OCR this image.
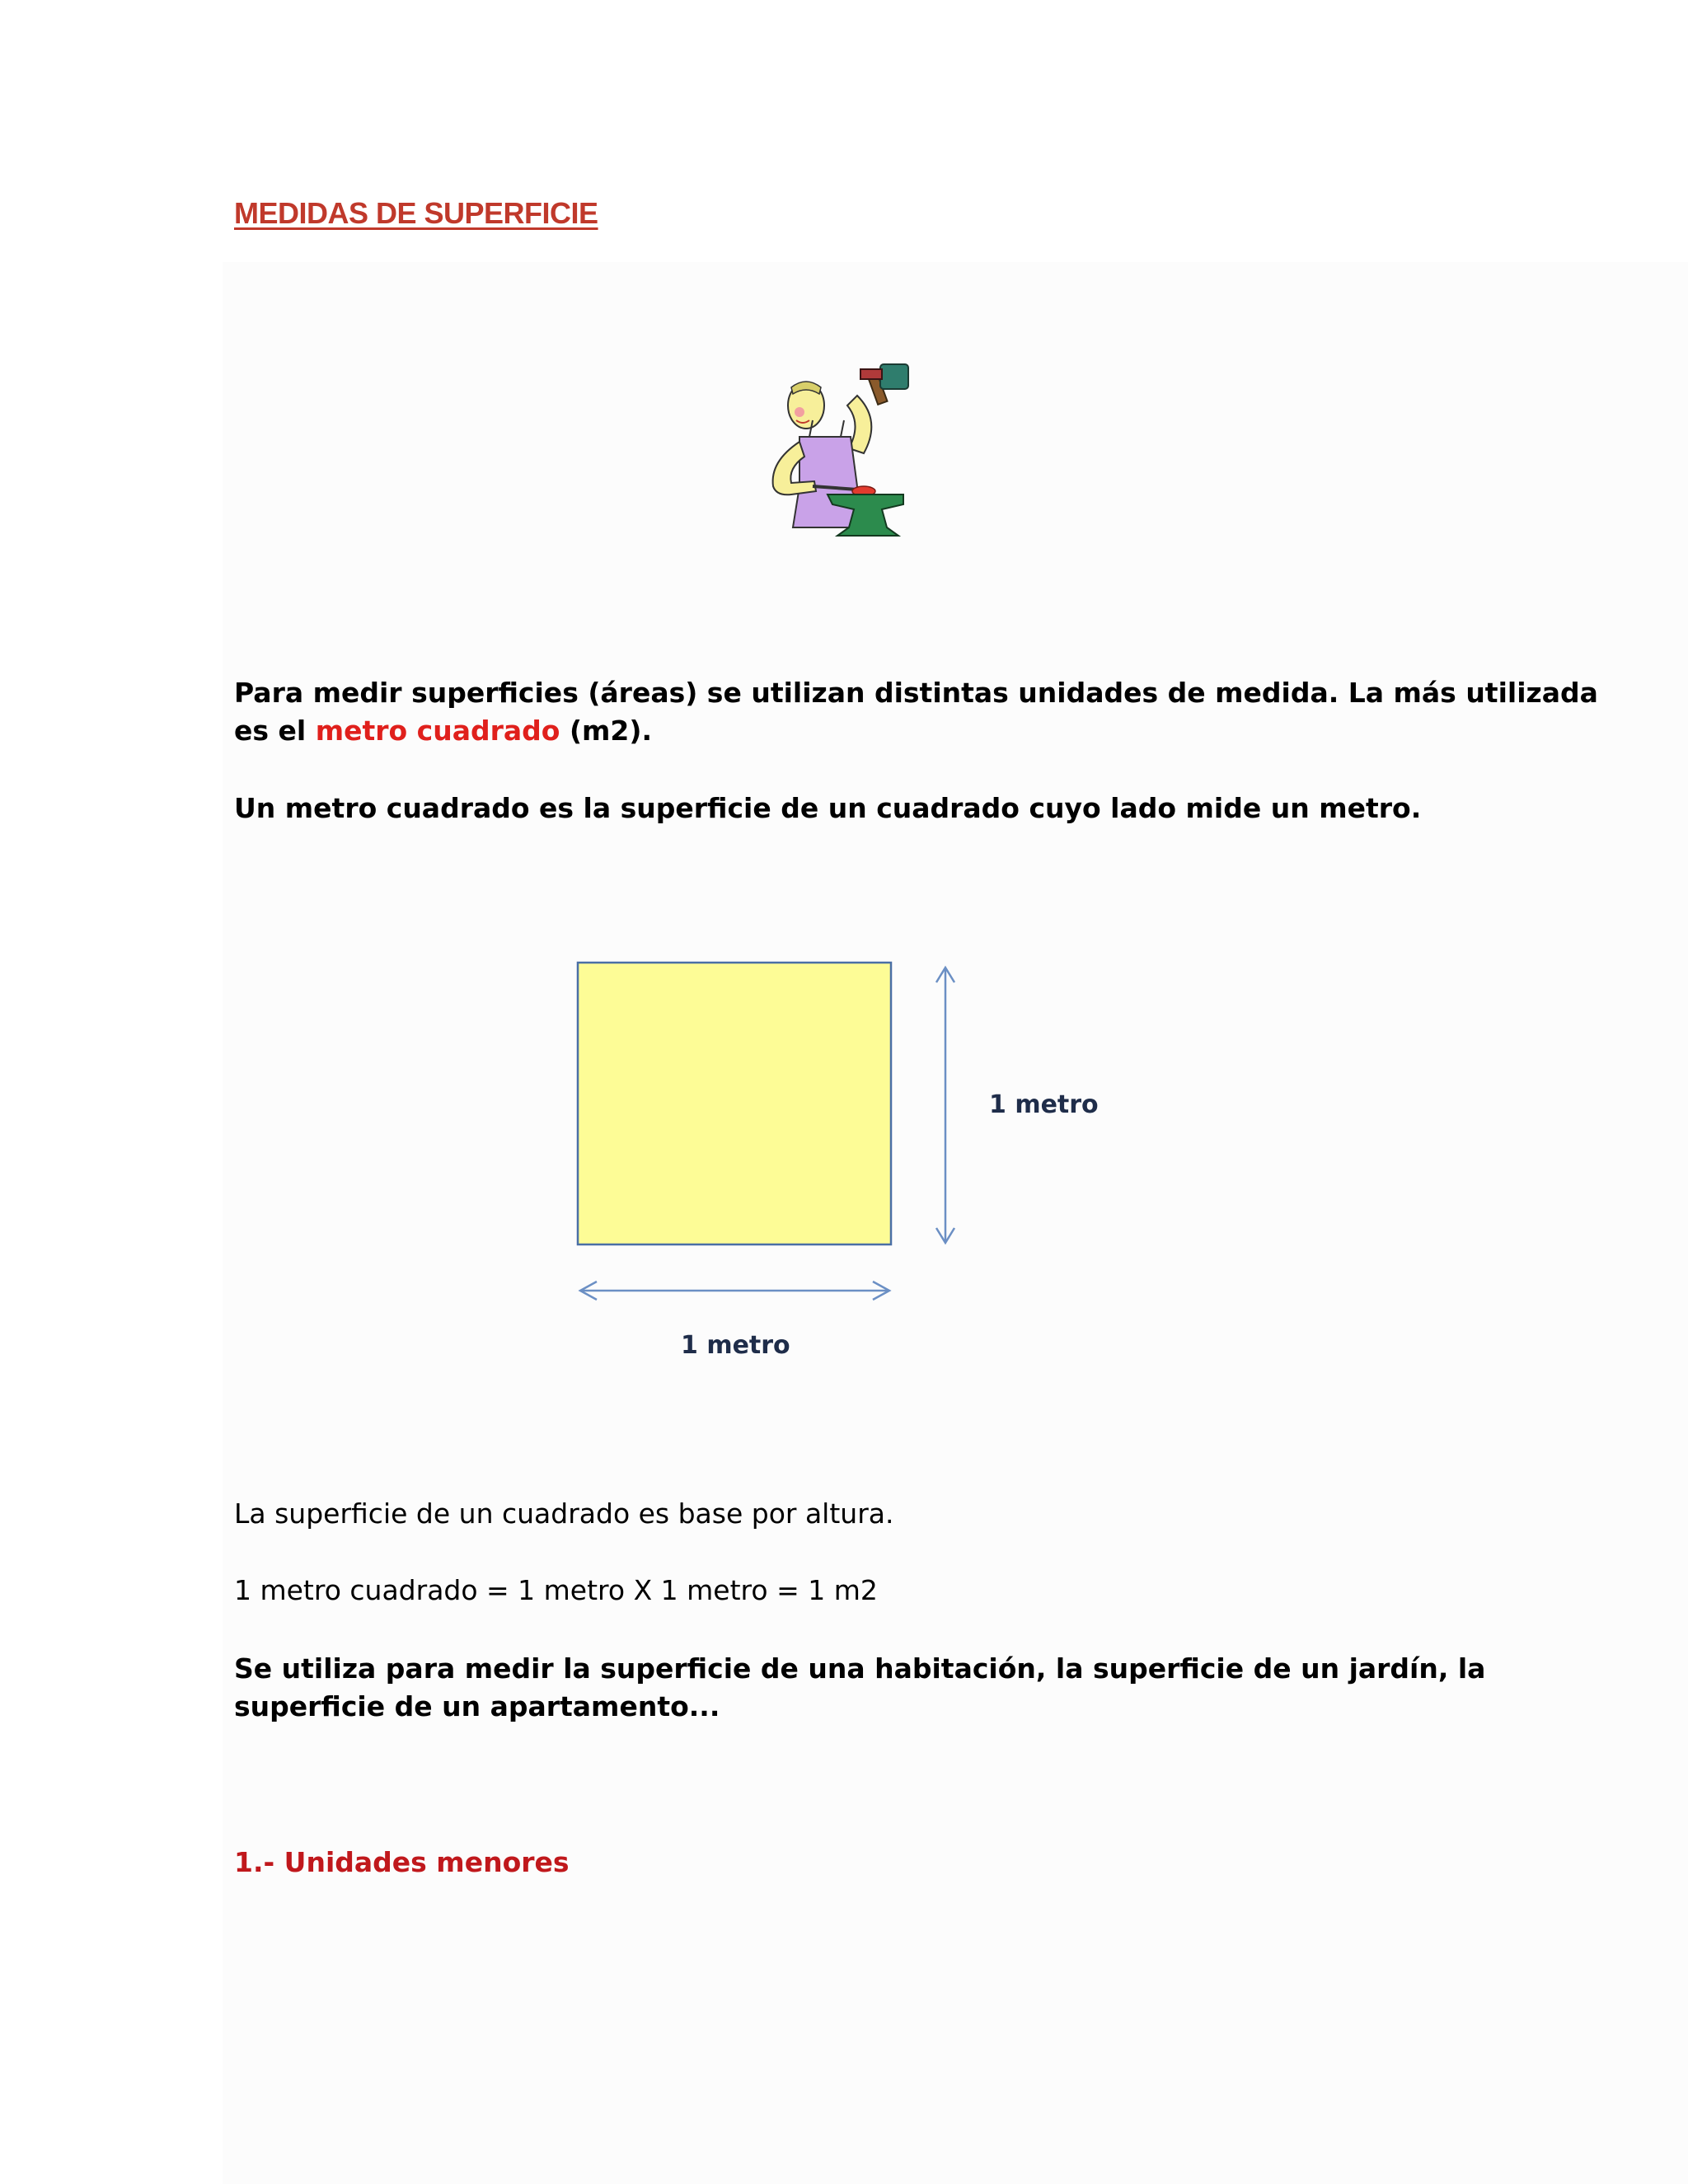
MEDIDAS DE SUPERFICIE
Para medir superficies (áreas) se utilizan distintas unidades de medida. La más utilizada
es el metro cuadrado (m2).
Un metro cuadrado es la superficie de un cuadrado cuyo lado mide un metro.
1 metro
1 metro
La superficie de un cuadrado es base por altura.
1 metro cuadrado = 1 metro X 1 metro = 1 m2
Se utiliza para medir la superficie de una habitación, la superficie de un jardín, la
superficie de un apartamento...
1.- Unidades menores
